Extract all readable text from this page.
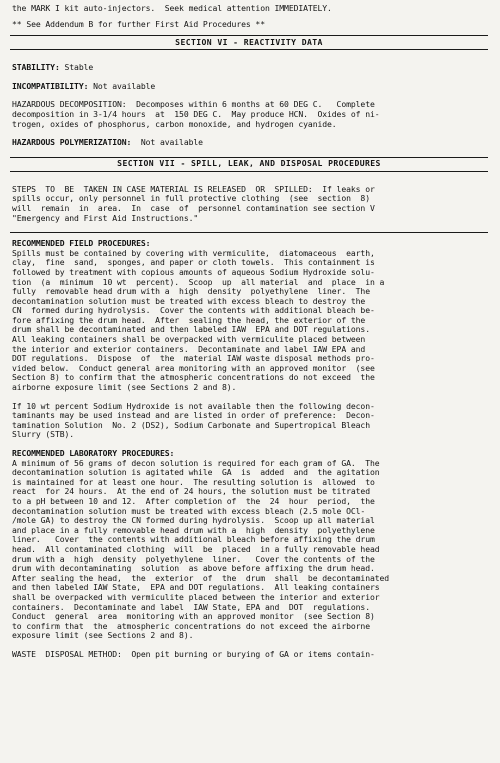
the MARK I kit auto-injectors.  Seek medical attention IMMEDIATELY.
** See Addendum B for further First Aid Procedures **
SECTION VI - REACTIVITY DATA
STABILITY: Stable
INCOMPATIBILITY: Not available
HAZARDOUS DECOMPOSITION:  Decomposes within 6 months at 60 DEG C.   Complete
decomposition in 3-1/4 hours  at  150 DEG C.  May produce HCN.  Oxides of ni-
trogen, oxides of phosphorus, carbon monoxide, and hydrogen cyanide.
HAZARDOUS POLYMERIZATION: Not available
SECTION VII - SPILL, LEAK, AND DISPOSAL PROCEDURES
STEPS  TO  BE  TAKEN IN CASE MATERIAL IS RELEASED  OR  SPILLED:  If leaks or
spills occur, only personnel in full protective clothing  (see  section  8)
will  remain  in  area.  In  case  of  personnel contamination see section V
"Emergency and First Aid Instructions."
RECOMMENDED FIELD PROCEDURES:
Spills must be contained by covering with vermiculite,  diatomaceous  earth,
clay,  fine  sand,  sponges, and paper or cloth towels.  This containment is
followed by treatment with copious amounts of aqueous Sodium Hydroxide solu-
tion  (a  minimum  10 wt  percent).  Scoop  up  all material  and  place  in a
fully  removable head drum with a  high  density  polyethylene  liner.  The
decontamination solution must be treated with excess bleach to destroy the
CN  formed during hydrolysis.  Cover the contents with additional bleach be-
fore affixing the drum head.  After  sealing the head, the exterior of the
drum shall be decontaminated and then labeled IAW  EPA and DOT regulations.
All leaking containers shall be overpacked with vermiculite placed between
the interior and exterior containers.  Decontaminate and label IAW EPA and
DOT regulations.  Dispose  of  the  material IAW waste disposal methods pro-
vided below.  Conduct general area monitoring with an approved monitor  (see
Section 8) to confirm that the atmospheric concentrations do not exceed  the
airborne exposure limit (see Sections 2 and 8).
If 10 wt percent Sodium Hydroxide is not available then the following decon-
taminants may be used instead and are listed in order of preference:  Decon-
tamination Solution  No. 2 (DS2), Sodium Carbonate and Supertropical Bleach
Slurry (STB).
RECOMMENDED LABORATORY PROCEDURES:
A minimum of 56 grams of decon solution is required for each gram of GA.  The
decontamination solution is agitated while  GA  is  added  and  the agitation
is maintained for at least one hour.  The resulting solution is  allowed  to
react  for 24 hours.  At the end of 24 hours, the solution must be titrated
to a pH between 10 and 12.  After completion of  the  24  hour  period,  the
decontamination solution must be treated with excess bleach (2.5 mole OCl-
/mole GA) to destroy the CN formed during hydrolysis.  Scoop up all material
and place in a fully removable head drum with a  high  density  polyethylene
liner.   Cover  the contents with additional bleach before affixing the drum
head.  All contaminated clothing  will  be  placed  in a fully removable head
drum with a  high  density  polyethylene  liner.   Cover the contents of the
drum with decontaminating  solution  as above before affixing the drum head.
After sealing the head,  the  exterior  of  the  drum  shall  be decontaminated
and then labeled IAW State,  EPA and DOT regulations.  All leaking containers
shall be overpacked with vermiculite placed between the interior and exterior
containers.  Decontaminate and label  IAW State, EPA and  DOT  regulations.
Conduct  general  area  monitoring with an approved monitor  (see Section 8)
to confirm that  the  atmospheric concentrations do not exceed the airborne
exposure limit (see Sections 2 and 8).
WASTE  DISPOSAL METHOD:  Open pit burning or burying of GA or items contain-
